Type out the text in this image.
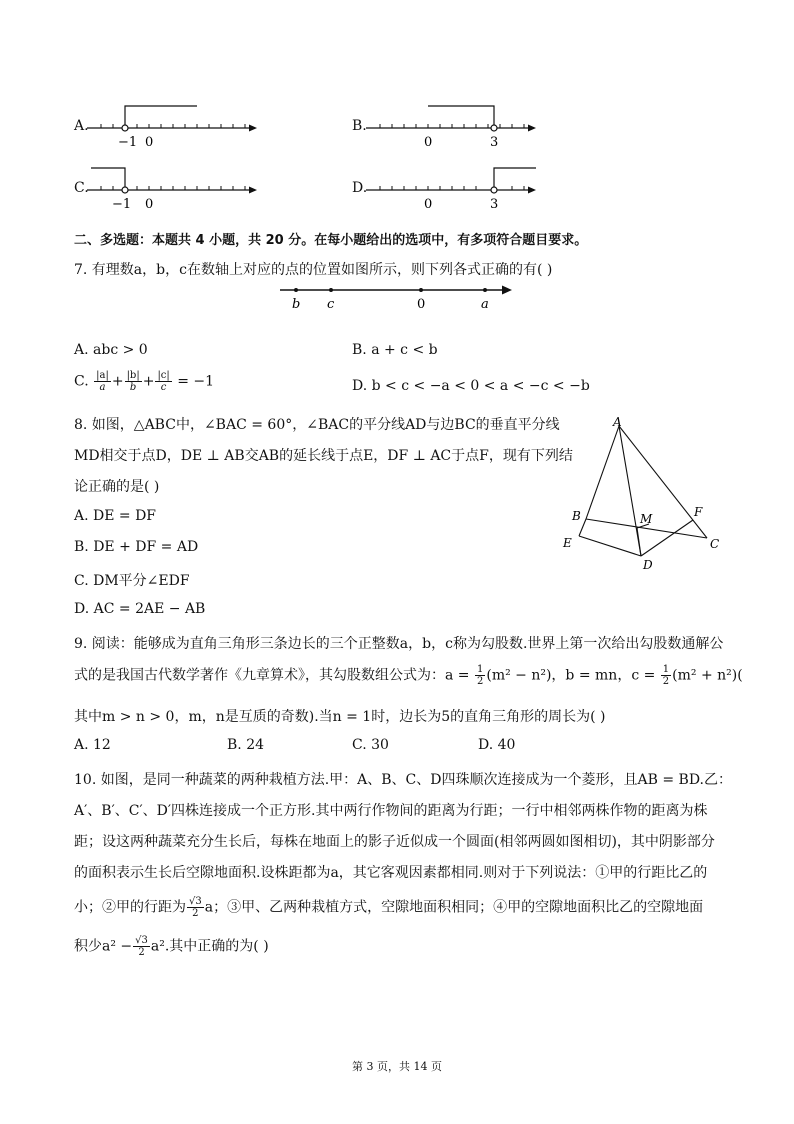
A.	B.
C.	D.
−1 0	0	3
−1 0	0	3
二、多选题：本题共 4 小题，共 20 分。在每小题给出的选项中，有多项符合题目要求。
7. 有理数a，b，c在数轴上对应的点的位置如图所示，则下列各式正确的有( )
b c	0	a
A. abc > 0	B. a + c < b
C. $\frac{|a|}{a} + \frac{|b|}{b} + \frac{|c|}{c} = -1$	D. b < c < −a < 0 < a < −c < −b
8. 如图，△ABC中，∠BAC = 60°，∠BAC的平分线AD与边BC的垂直平分线
MD相交于点D，DE ⊥ AB交AB的延长线于点E，DF ⊥ AC于点F，现有下列结
论正确的是( )
A. DE = DF
B. DE + DF = AD
C. DM平分∠EDF
D. AC = 2AE − AB
A
B	M	F
E	C
D
9. 阅读：能够成为直角三角形三条边长的三个正整数a，b，c称为勾股数.世界上第一次给出勾股数通解公
式的是我国古代数学著作《九章算术》，其勾股数组公式为：$a = \frac{1}{2} (m^2 - n^2)$，b = mn，$c = \frac{1}{2} (m^2 + n^2)$(
其中m > n > 0，m，n是互质的奇数).当n = 1时，边长为5的直角三角形的周长为( )
A. 12	B. 24	C. 30	D. 40
10. 如图，是同一种蔬菜的两种栽植方法.甲：A、B、C、D四珠顺次连接成为一个菱形，且AB = BD.乙：
A′、B′、C′、D′四株连接成一个正方形.其中两行作物间的距离为行距；一行中相邻两株作物的距离为株
距；设这两种蔬菜充分生长后，每株在地面上的影子近似成一个圆面(相邻两圆如图相切)，其中阴影部分
的面积表示生长后空隙地面积.设株距都为a，其它客观因素都相同.则对于下列说法：①甲的行距比乙的
小；②甲的行距为 $\frac{√3}{2}$ a；③甲、乙两种栽植方式，空隙地面积相同；④甲的空隙地面积比乙的空隙地面
积少$a^2 - \frac{√3}{2} a^2$.其中正确的为( )
第 3 页，共 14 页
